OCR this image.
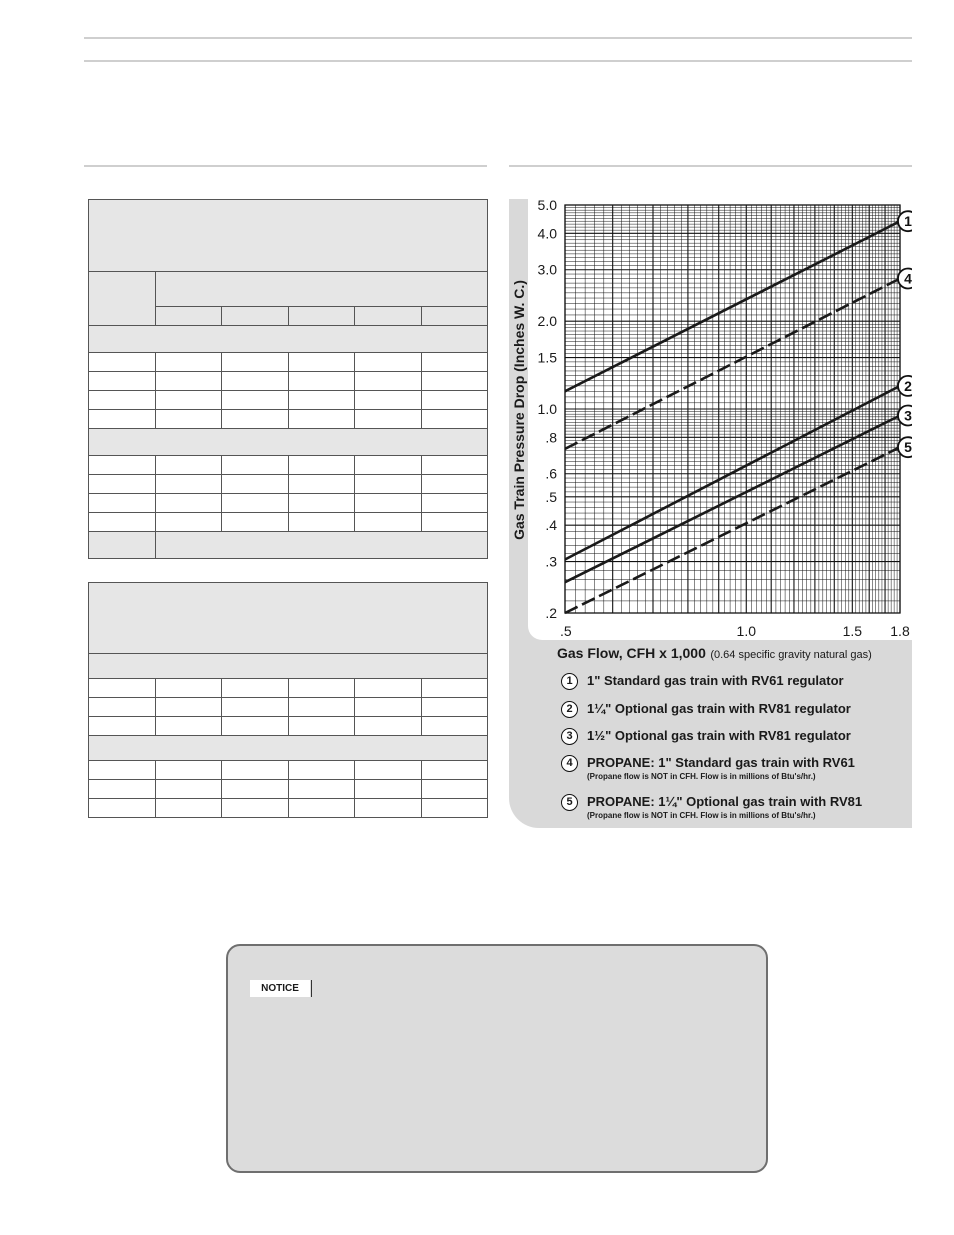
5.0
4.0
3.0
2.0
1.5
1.0
.8
.6
.5
.4
.3
.2
.5	1.0	1.5 1.8
1
2
3
4
5
Gas Train Pressure Drop (Inches W. C.)
Gas Flow, CFH x 1,000 (0.64 specific gravity natural gas)
1	1" Standard gas train with RV61 regulator
2	1¼" Optional gas train with RV81 regulator
3	1½" Optional gas train with RV81 regulator
4	PROPANE: 1" Standard gas train with RV61
(Propane flow is NOT in CFH. Flow is in millions of Btu's/hr.)
5	PROPANE: 1¼" Optional gas train with RV81
(Propane flow is NOT in CFH. Flow is in millions of Btu's/hr.)
NOTICE
